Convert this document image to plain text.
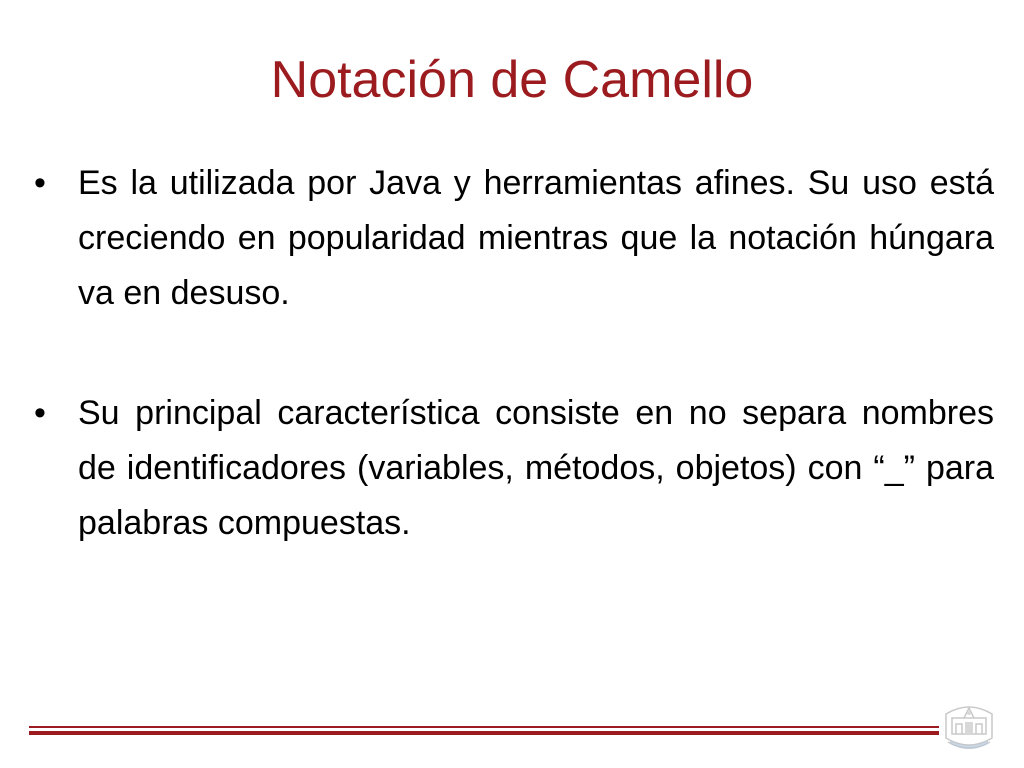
Notación de Camello
• Es la utilizada por Java y herramientas afines. Su uso está creciendo en popularidad mientras que la notación húngara va en desuso.
• Su principal característica consiste en no separa nombres de identificadores (variables, métodos, objetos) con “_” para palabras compuestas.
